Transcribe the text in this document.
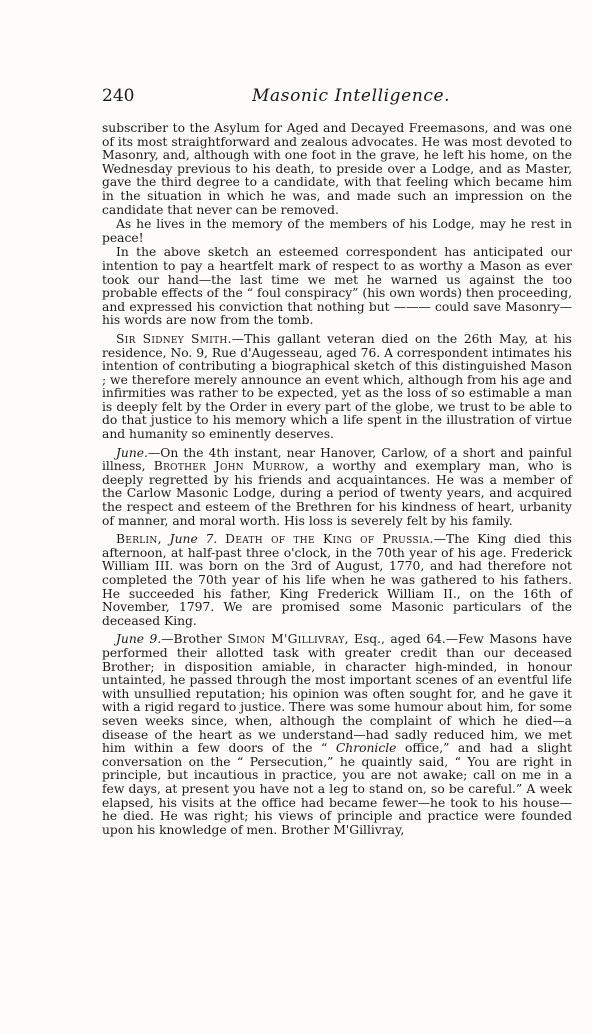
240	Masonic Intelligence.

subscriber to the Asylum for Aged and Decayed Freemasons, and was one of its most straightforward and zealous advocates. He was most devoted to Masonry, and, although with one foot in the grave, he left his home, on the Wednesday previous to his death, to preside over a Lodge, and as Master, gave the third degree to a candidate, with that feeling which became him in the situation in which he was, and made such an impression on the candidate that never can be removed.

As he lives in the memory of the members of his Lodge, may he rest in peace!

In the above sketch an esteemed correspondent has anticipated our intention to pay a heartfelt mark of respect to as worthy a Mason as ever took our hand—the last time we met he warned us against the too probable effects of the “ foul conspiracy” (his own words) then proceeding, and expressed his conviction that nothing but ——— could save Masonry—his words are now from the tomb.

Sir Sidney Smith.—This gallant veteran died on the 26th May, at his residence, No. 9, Rue d'Augesseau, aged 76. A correspondent intimates his intention of contributing a biographical sketch of this distinguished Mason ; we therefore merely announce an event which, although from his age and infirmities was rather to be expected, yet as the loss of so estimable a man is deeply felt by the Order in every part of the globe, we trust to be able to do that justice to his memory which a life spent in the illustration of virtue and humanity so eminently deserves.

June.—On the 4th instant, near Hanover, Carlow, of a short and painful illness, Brother John Murrow, a worthy and exemplary man, who is deeply regretted by his friends and acquaintances. He was a member of the Carlow Masonic Lodge, during a period of twenty years, and acquired the respect and esteem of the Brethren for his kindness of heart, urbanity of manner, and moral worth. His loss is severely felt by his family.

Berlin, June 7. Death of the King of Prussia.—The King died this afternoon, at half-past three o'clock, in the 70th year of his age. Frederick William III. was born on the 3rd of August, 1770, and had therefore not completed the 70th year of his life when he was gathered to his fathers. He succeeded his father, King Frederick William II., on the 16th of November, 1797. We are promised some Masonic particulars of the deceased King.

June 9.—Brother Simon M'Gillivray, Esq., aged 64.—Few Masons have performed their allotted task with greater credit than our deceased Brother; in disposition amiable, in character high-minded, in honour untainted, he passed through the most important scenes of an eventful life with unsullied reputation; his opinion was often sought for, and he gave it with a rigid regard to justice. There was some humour about him, for some seven weeks since, when, although the complaint of which he died—a disease of the heart as we understand—had sadly reduced him, we met him within a few doors of the “ Chronicle office,” and had a slight conversation on the “ Persecution,” he quaintly said, “ You are right in principle, but incautious in practice, you are not awake; call on me in a few days, at present you have not a leg to stand on, so be careful.” A week elapsed, his visits at the office had became fewer—he took to his house—he died. He was right; his views of principle and practice were founded upon his knowledge of men. Brother M'Gillivray,
